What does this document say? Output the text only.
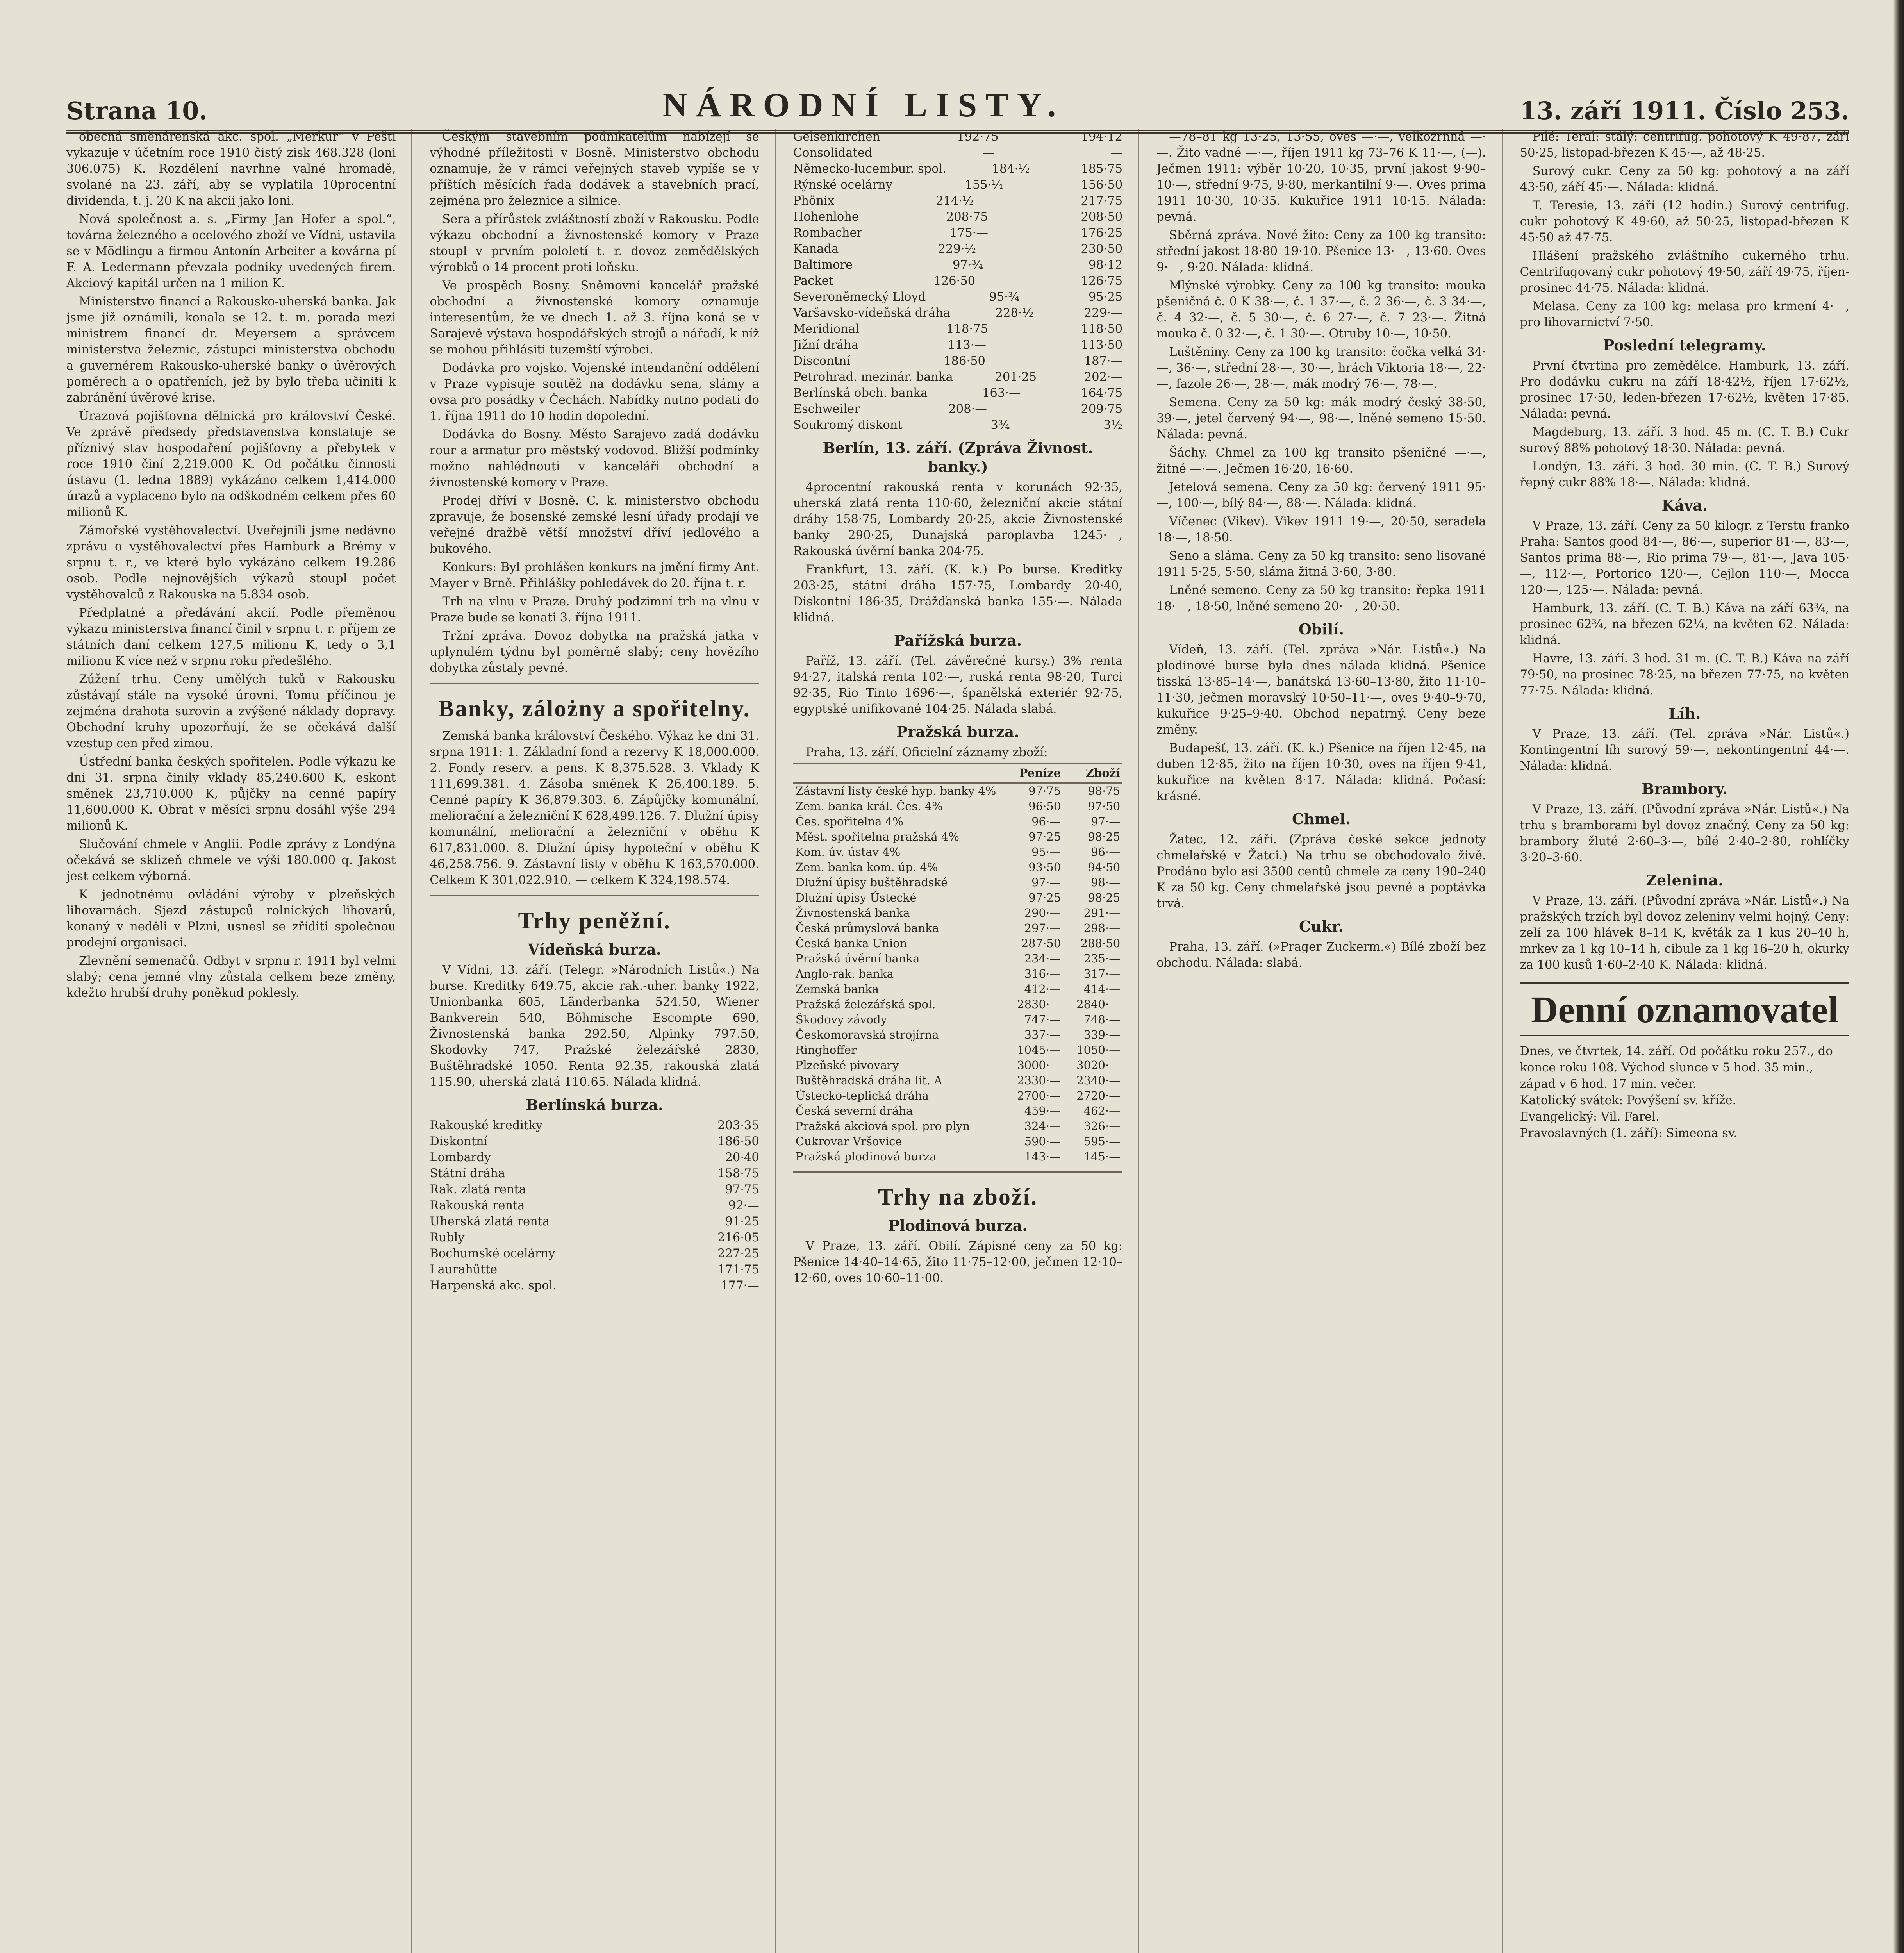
Strana 10.	NÁRODNÍ LISTY.	13. září 1911. Číslo 253.

obecná směnárenská akc. spol. „Merkur“ v Pešti vykazuje v účetním roce 1910 čistý zisk 468.328 (loni 306.075) K. Rozdělení navrhne valné hromadě, svolané na 23. září, aby se vyplatila 10procentní dividenda, t. j. 20 K na akcii jako loni.

Nová společnost a. s. „Firmy Jan Hofer a spol.“, továrna železného a ocelového zboží ve Vídni, ustavila se v Mödlingu a firmou Antonín Arbeiter a kovárna pí F. A. Ledermann převzala podniky uvedených firem. Akciový kapitál určen na 1 milion K.

Ministerstvo financí a Rakousko-uherská banka. Jak jsme již oznámili, konala se 12. t. m. porada mezi ministrem financí dr. Meyersem a správcem ministerstva železnic, zástupci ministerstva obchodu a guvernérem Rakousko-uherské banky o úvěrových poměrech a o opatřeních, jež by bylo třeba učiniti k zabránění úvěrové krise.

Úrazová pojišťovna dělnická pro království České. Ve zprávě předsedy představenstva konstatuje se příznivý stav hospodaření pojišťovny a přebytek v roce 1910 činí 2,219.000 K. Od počátku činnosti ústavu (1. ledna 1889) vykázáno celkem 1,414.000 úrazů a vyplaceno bylo na odškodném celkem přes 60 milionů K.

Zámořské vystěhovalectví. Uveřejnili jsme nedávno zprávu o vystěhovalectví přes Hamburk a Brémy v srpnu t. r., ve které bylo vykázáno celkem 19.286 osob. Podle nejnovějších výkazů stoupl počet vystěhovalců z Rakouska na 5.834 osob.

Předplatné a předávání akcií. Podle přeměnou výkazu ministerstva financí činil v srpnu t. r. příjem ze státních daní celkem 127,5 milionu K, tedy o 3,1 milionu K více než v srpnu roku předešlého.

Zúžení trhu. Ceny umělých tuků v Rakousku zůstávají stále na vysoké úrovni. Tomu příčinou je zejména drahota surovin a zvýšené náklady dopravy. Obchodní kruhy upozorňují, že se očekává další vzestup cen před zimou.

Ústřední banka českých spořitelen. Podle výkazu ke dni 31. srpna činily vklady 85,240.600 K, eskont směnek 23,710.000 K, půjčky na cenné papíry 11,600.000 K. Obrat v měsíci srpnu dosáhl výše 294 milionů K.

Slučování chmele v Anglii. Podle zprávy z Londýna očekává se sklizeň chmele ve výši 180.000 q. Jakost jest celkem výborná.

K jednotnému ovládání výroby v plzeňských lihovarnách. Sjezd zástupců rolnických lihovarů, konaný v neděli v Plzni, usnesl se zříditi společnou prodejní organisaci.

Zlevnění semenačů. Odbyt v srpnu r. 1911 byl velmi slabý; cena jemné vlny zůstala celkem beze změny, kdežto hrubší druhy poněkud poklesly.

Českým stavebním podnikatelům nabízejí se výhodné příležitosti v Bosně. Ministerstvo obchodu oznamuje, že v rámci veřejných staveb vypíše se v příštích měsících řada dodávek a stavebních prací, zejména pro železnice a silnice.

Sera a přírůstek zvláštností zboží v Rakousku. Podle výkazu obchodní a živnostenské komory v Praze stoupl v prvním pololetí t. r. dovoz zemědělských výrobků o 14 procent proti loňsku.

Ve prospěch Bosny. Sněmovní kancelář pražské obchodní a živnostenské komory oznamuje interesentům, že ve dnech 1. až 3. října koná se v Sarajevě výstava hospodářských strojů a nářadí, k níž se mohou přihlásiti tuzemští výrobci.

Dodávka pro vojsko. Vojenské intendanční oddělení v Praze vypisuje soutěž na dodávku sena, slámy a ovsa pro posádky v Čechách. Nabídky nutno podati do 1. října 1911 do 10 hodin dopolední.

Dodávka do Bosny. Město Sarajevo zadá dodávku rour a armatur pro městský vodovod. Bližší podmínky možno nahlédnouti v kanceláři obchodní a živnostenské komory v Praze.

Prodej dříví v Bosně. C. k. ministerstvo obchodu zpravuje, že bosenské zemské lesní úřady prodají ve veřejné dražbě větší množství dříví jedlového a bukového.

Konkurs: Byl prohlášen konkurs na jmění firmy Ant. Mayer v Brně. Přihlášky pohledávek do 20. října t. r.

Trh na vlnu v Praze. Druhý podzimní trh na vlnu v Praze bude se konati 3. října 1911.

Tržní zpráva. Dovoz dobytka na pražská jatka v uplynulém týdnu byl poměrně slabý; ceny hovězího dobytka zůstaly pevné.

Banky, zálożny a spořitelny.

Zemská banka království Českého. Výkaz ke dni 31. srpna 1911: 1. Základní fond a rezervy K 18,000.000. 2. Fondy reserv. a pens. K 8,375.528. 3. Vklady K 111,699.381. 4. Zásoba směnek K 26,400.189. 5. Cenné papíry K 36,879.303. 6. Zápůjčky komunální, meliorační a železniční K 628,499.126. 7. Dlužní úpisy komunální, meliorační a železniční v oběhu K 617,831.000. 8. Dlužní úpisy hypoteční v oběhu K 46,258.756. 9. Zástavní listy v oběhu K 163,570.000. Celkem K 301,022.910. — celkem K 324,198.574.

Trhy peněžní.
Vídeňská burza.

V Vídni, 13. září. (Telegr. »Národních Listů«.) Na burse. Kreditky 649.75, akcie rak.-uher. banky 1922, Unionbanka 605, Länderbanka 524.50, Wiener Bankverein 540, Böhmische Escompte 690, Živnostenská banka 292.50, Alpinky 797.50, Skodovky 747, Pražské železářské 2830, Buštěhradské 1050. Renta 92.35, rakouská zlatá 115.90, uherská zlatá 110.65. Nálada klidná.

Berlínská burza.
Rakouské kreditky	203·35
Diskontní	186·50
Lombardy	20·40
Státní dráha	158·75
Rak. zlatá renta	97·75
Rakouská renta	92·—
Uherská zlatá renta	91·25
Rubly	216·05
Bochumské ocelárny	227·25
Laurahütte	171·75
Harpenská akc. spol.	177·—
Gelsenkirchen	192·75	194·12
Consolidated	—	—
Německo-lucembur. spol.	184·½	185·75
Rýnské ocelárny	155·¼	156·50
Phönix	214·½	217·75
Hohenlohe	208·75	208·50
Rombacher	175·—	176·25
Kanada	229·½	230·50
Baltimore	97·¾	98·12
Packet	126·50	126·75
Severoněmecký Lloyd	95·¾	95·25
Varšavsko-vídeňská dráha	228·½	229·—
Meridional	118·75	118·50
Jižní dráha	113·—	113·50
Discontní	186·50	187·—
Petrohrad. mezinár. banka	201·25	202·—
Berlínská obch. banka	163·—	164·75
Eschweiler	208·—	209·75
Soukromý diskont	3¾	3½
Berlín, 13. září. (Zpráva Živnost. banky.)

4procentní rakouská renta v korunách 92·35, uherská zlatá renta 110·60, železniční akcie státní dráhy 158·75, Lombardy 20·25, akcie Živnostenské banky 290·25, Dunajská paroplavba 1245·—, Rakouská úvěrní banka 204·75.

Frankfurt, 13. září. (K. k.) Po burse. Kreditky 203·25, státní dráha 157·75, Lombardy 20·40, Diskontní 186·35, Drážďanská banka 155·—. Nálada klidná.

Pařížská burza.

Paříž, 13. září. (Tel. závěrečné kursy.) 3% renta 94·27, italská renta 102·—, ruská renta 98·20, Turci 92·35, Rio Tinto 1696·—, španělská exteriér 92·75, egyptské unifikované 104·25. Nálada slabá.

Pražská burza.

Praha, 13. září. Oficielní záznamy zboží:

	Peníze	Zboží
Zástavní listy české hyp. banky 4%	97·75	98·75
Zem. banka král. Čes. 4%	96·50	97·50
Čes. spořitelna 4%	96·—	97·—
Měst. spořitelna pražská 4%	97·25	98·25
Kom. úv. ústav 4%	95·—	96·—
Zem. banka kom. úp. 4%	93·50	94·50
Dlužní úpisy buštěhradské	97·—	98·—
Dlužní úpisy Ústecké	97·25	98·25
Živnostenská banka	290·—	291·—
Česká průmyslová banka	297·—	298·—
Česká banka Union	287·50	288·50
Pražská úvěrní banka	234·—	235·—
Anglo-rak. banka	316·—	317·—
Zemská banka	412·—	414·—
Pražská železářská spol.	2830·—	2840·—
Škodovy závody	747·—	748·—
Českomoravská strojírna	337·—	339·—
Ringhoffer	1045·—	1050·—
Plzeňské pivovary	3000·—	3020·—
Buštěhradská dráha lit. A	2330·—	2340·—
Ústecko-teplická dráha	2700·—	2720·—
Česká severní dráha	459·—	462·—
Pražská akciová spol. pro plyn	324·—	326·—
Cukrovar Vršovice	590·—	595·—
Pražská plodinová burza	143·—	145·—
Trhy na zboží.
Plodinová burza.

V Praze, 13. září. Obilí. Zápisné ceny za 50 kg: Pšenice 14·40–14·65, žito 11·75–12·00, ječmen 12·10–12·60, oves 10·60–11·00.

—78–81 kg 13·25, 13·55, oves —·—, velkozrnná —·—. Žito vadné —·—, říjen 1911 kg 73–76 K 11·—, (—). Ječmen 1911: výběr 10·20, 10·35, první jakost 9·90–10·—, střední 9·75, 9·80, merkantilní 9·—. Oves prima 1911 10·30, 10·35. Kukuřice 1911 10·15. Nálada: pevná.

Sběrná zpráva. Nové žito: Ceny za 100 kg transito: střední jakost 18·80–19·10. Pšenice 13·—, 13·60. Oves 9·—, 9·20. Nálada: klidná.

Mlýnské výrobky. Ceny za 100 kg transito: mouka pšeničná č. 0 K 38·—, č. 1 37·—, č. 2 36·—, č. 3 34·—, č. 4 32·—, č. 5 30·—, č. 6 27·—, č. 7 23·—. Žitná mouka č. 0 32·—, č. 1 30·—. Otruby 10·—, 10·50.

Luštěniny. Ceny za 100 kg transito: čočka velká 34·—, 36·—, střední 28·—, 30·—, hrách Viktoria 18·—, 22·—, fazole 26·—, 28·—, mák modrý 76·—, 78·—.

Semena. Ceny za 50 kg: mák modrý český 38·50, 39·—, jetel červený 94·—, 98·—, lněné semeno 15·50. Nálada: pevná.

Šáchy. Chmel za 100 kg transito pšeničné —·—, žitné —·—. Ječmen 16·20, 16·60.

Jetelová semena. Ceny za 50 kg: červený 1911 95·—, 100·—, bílý 84·—, 88·—. Nálada: klidná.

Víčenec (Vikev). Vikev 1911 19·—, 20·50, seradela 18·—, 18·50.

Seno a sláma. Ceny za 50 kg transito: seno lisované 1911 5·25, 5·50, sláma žitná 3·60, 3·80.

Lněné semeno. Ceny za 50 kg transito: řepka 1911 18·—, 18·50, lněné semeno 20·—, 20·50.

Obilí.

Vídeň, 13. září. (Tel. zpráva »Nár. Listů«.) Na plodinové burse byla dnes nálada klidná. Pšenice tisská 13·85–14·—, banátská 13·60–13·80, žito 11·10–11·30, ječmen moravský 10·50–11·—, oves 9·40–9·70, kukuřice 9·25–9·40. Obchod nepatrný. Ceny beze změny.

Budapešť, 13. září. (K. k.) Pšenice na říjen 12·45, na duben 12·85, žito na říjen 10·30, oves na říjen 9·41, kukuřice na květen 8·17. Nálada: klidná. Počasí: krásné.

Chmel.

Žatec, 12. září. (Zpráva české sekce jednoty chmelařské v Žatci.) Na trhu se obchodovalo živě. Prodáno bylo asi 3500 centů chmele za ceny 190–240 K za 50 kg. Ceny chmelařské jsou pevné a poptávka trvá.

Cukr.

Praha, 13. září. (»Prager Zuckerm.«) Bílé zboží bez obchodu. Nálada: slabá.

Pilé: Teral: stálý: centrifug. pohotový K 49·87, září 50·25, listopad-březen K 45·—, až 48·25.

Surový cukr. Ceny za 50 kg: pohotový a na září 43·50, září 45·—. Nálada: klidná.

T. Teresie, 13. září (12 hodin.) Surový centrifug. cukr pohotový K 49·60, až 50·25, listopad-březen K 45·50 až 47·75.

Hlášení pražského zvláštního cukerného trhu. Centrifugovaný cukr pohotový 49·50, září 49·75, říjen-prosinec 44·75. Nálada: klidná.

Melasa. Ceny za 100 kg: melasa pro krmení 4·—, pro lihovarnictví 7·50.

Poslední telegramy.

První čtvrtina pro zemědělce. Hamburk, 13. září. Pro dodávku cukru na září 18·42½, říjen 17·62½, prosinec 17·50, leden-březen 17·62½, květen 17·85. Nálada: pevná.

Magdeburg, 13. září. 3 hod. 45 m. (C. T. B.) Cukr surový 88% pohotový 18·30. Nálada: pevná.

Londýn, 13. září. 3 hod. 30 min. (C. T. B.) Surový řepný cukr 88% 18·—. Nálada: klidná.

Káva.

V Praze, 13. září. Ceny za 50 kilogr. z Terstu franko Praha: Santos good 84·—, 86·—, superior 81·—, 83·—, Santos prima 88·—, Rio prima 79·—, 81·—, Java 105·—, 112·—, Portorico 120·—, Cejlon 110·—, Mocca 120·—, 125·—. Nálada: pevná.

Hamburk, 13. září. (C. T. B.) Káva na září 63¾, na prosinec 62¾, na březen 62¼, na květen 62. Nálada: klidná.

Havre, 13. září. 3 hod. 31 m. (C. T. B.) Káva na září 79·50, na prosinec 78·25, na březen 77·75, na květen 77·75. Nálada: klidná.

Líh.

V Praze, 13. září. (Tel. zpráva »Nár. Listů«.) Kontingentní líh surový 59·—, nekontingentní 44·—. Nálada: klidná.

Brambory.

V Praze, 13. září. (Původní zpráva »Nár. Listů«.) Na trhu s bramborami byl dovoz značný. Ceny za 50 kg: brambory žluté 2·60–3·—, bílé 2·40–2·80, rohlíčky 3·20–3·60.

Zelenina.

V Praze, 13. září. (Původní zpráva »Nár. Listů«.) Na pražských trzích byl dovoz zeleniny velmi hojný. Ceny: zelí za 100 hlávek 8–14 K, květák za 1 kus 20–40 h, mrkev za 1 kg 10–14 h, cibule za 1 kg 16–20 h, okurky za 100 kusů 1·60–2·40 K. Nálada: klidná.

Denní oznamovatel
Dnes, ve čtvrtek, 14. září. Od počátku roku 257., do konce roku 108. Východ slunce v 5 hod. 35 min., západ v 6 hod. 17 min. večer.
Katolický svátek: Povýšení sv. kříže.
Evangelický: Vil. Farel.
Pravoslavných (1. září): Simeona sv.
